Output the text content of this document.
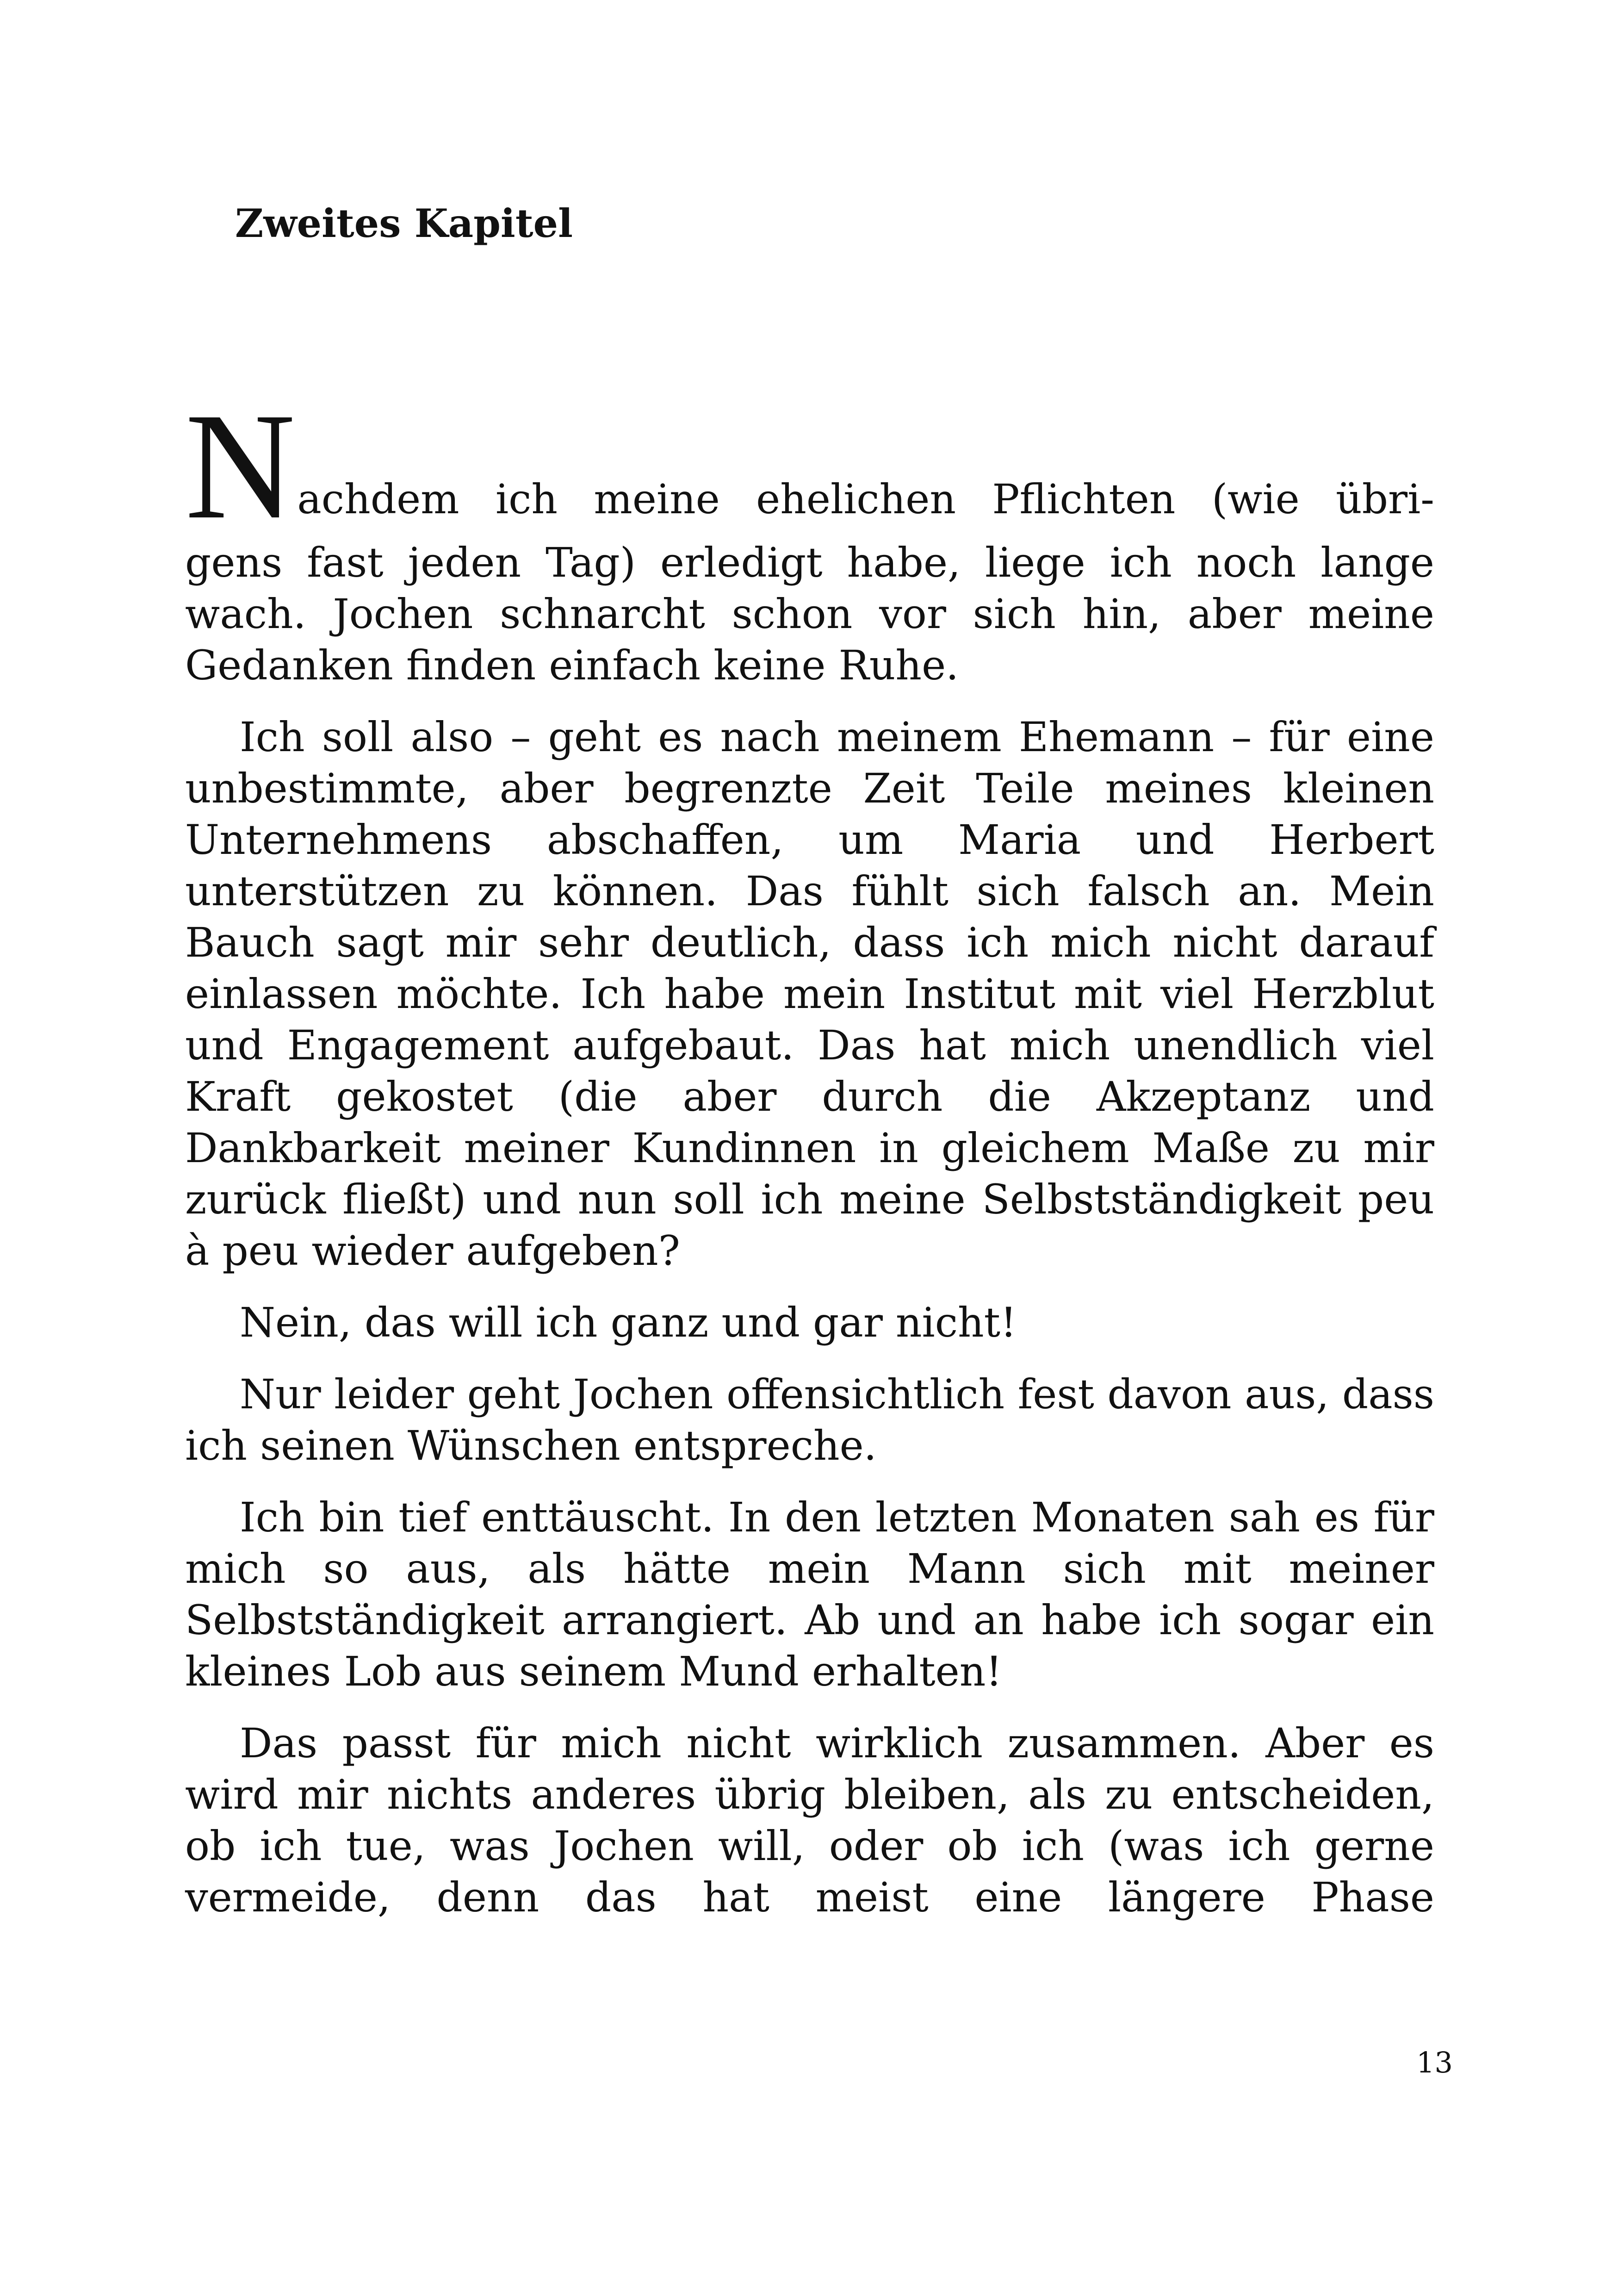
Zweites Kapitel
N achdem ich meine ehelichen Pflichten (wie übri-
gens fast jeden Tag) erledigt habe, liege ich noch lange wach. Jochen schnarcht schon vor sich hin, aber meine Gedanken finden einfach keine Ruhe.

Ich soll also – geht es nach meinem Ehemann – für eine unbestimmte, aber begrenzte Zeit Teile meines kleinen Unternehmens abschaffen, um Maria und Herbert unterstützen zu können. Das fühlt sich falsch an. Mein Bauch sagt mir sehr deutlich, dass ich mich nicht darauf einlassen möchte. Ich habe mein Institut mit viel Herzblut und Engagement aufgebaut. Das hat mich unendlich viel Kraft gekostet (die aber durch die Akzeptanz und Dankbarkeit meiner Kundinnen in gleichem Maße zu mir zurück fließt) und nun soll ich meine Selbstständigkeit peu à peu wieder aufgeben?

Nein, das will ich ganz und gar nicht!

Nur leider geht Jochen offensichtlich fest davon aus, dass ich seinen Wünschen entspreche.

Ich bin tief enttäuscht. In den letzten Monaten sah es für mich so aus, als hätte mein Mann sich mit meiner Selbstständigkeit arrangiert. Ab und an habe ich sogar ein kleines Lob aus seinem Mund erhalten!

Das passt für mich nicht wirklich zusammen. Aber es wird mir nichts anderes übrig bleiben, als zu entscheiden, ob ich tue, was Jochen will, oder ob ich (was ich gerne vermeide, denn das hat meist eine längere Phase

13
